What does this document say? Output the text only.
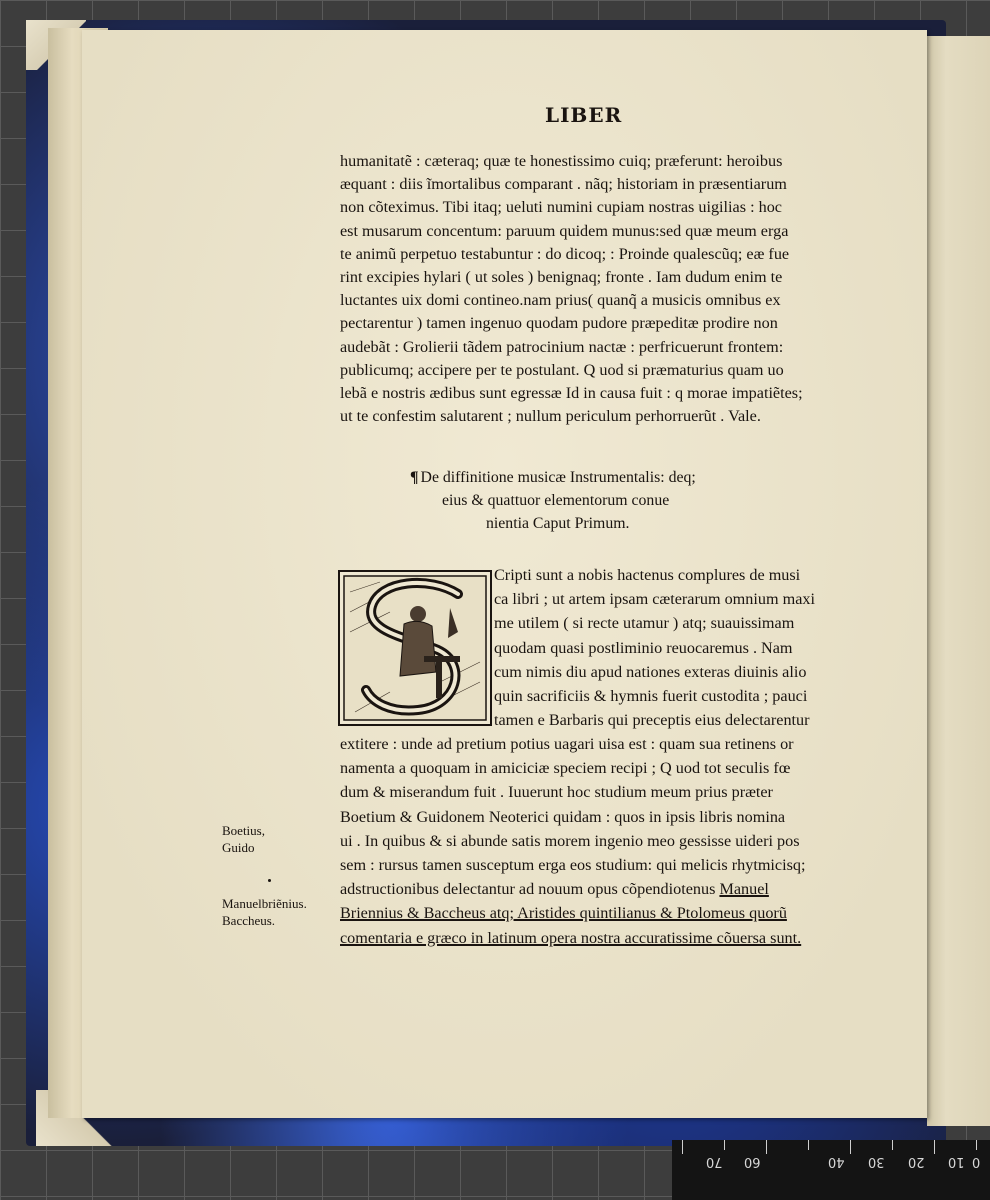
LIBER
humanitatẽ : cæteraq; quæ te honestissimo cuiq; præferunt: heroibus
æquant : diis ĩmortalibus comparant . nãq; historiam in præsentiarum
non cõteximus. Tibi itaq; ueluti numini cupiam nostras uigilias : hoc
est musarum concentum: paruum quidem munus:sed quæ meum erga
te animũ perpetuo testabuntur : do dicoq; : Proinde qualescũq; eæ fue
rint excipies hylari ( ut soles ) benignaq; fronte . Iam dudum enim te
luctantes uix domi contineo.nam prius( quanq̃ a musicis omnibus ex
pectarentur ) tamen ingenuo quodam pudore præpeditæ prodire non
audebãt : Grolierii tãdem patrocinium nactæ : perfricuerunt frontem:
publicumq; accipere per te postulant. Q uod si præmaturius quam uo
lebã e nostris ædibus sunt egressæ Id in causa fuit : q morae impatiẽtes;
ut te confestim salutarent ; nullum periculum perhorruerũt . Vale.
¶ De diffinitione musicæ Instrumentalis: deq;
eius & quattuor elementorum conue
nientia Caput Primum.
Cripti sunt a nobis hactenus complures de musi
ca libri ; ut artem ipsam cæterarum omnium maxi
me utilem ( si recte utamur ) atq; suauissimam
quodam quasi postliminio reuocaremus . Nam
cum nimis diu apud nationes exteras diuinis alio
quin sacrificiis & hymnis fuerit custodita ; pauci
tamen e Barbaris qui preceptis eius delectarentur
extitere : unde ad pretium potius uagari uisa est : quam sua retinens or
namenta a quoquam in amiciciæ speciem recipi ; Q uod tot seculis fœ
dum & miserandum fuit . Iuuerunt hoc studium meum prius præter
Boetium & Guidonem Neoterici quidam : quos in ipsis libris nomina
ui . In quibus & si abunde satis morem ingenio meo gessisse uideri pos
sem : rursus tamen susceptum erga eos studium: qui melicis rhytmicisq;
adstructionibus delectantur ad nouum opus cõpendiotenus Manuel
Briennius & Baccheus atq; Aristides quintilianus & Ptolomeus quorũ
comentaria e græco in latinum opera nostra accuratissime cõuersa sunt.
Boetius,
Guido
Manuelbriẽnius.
Baccheus.
70 60	40 30 20 10 0
